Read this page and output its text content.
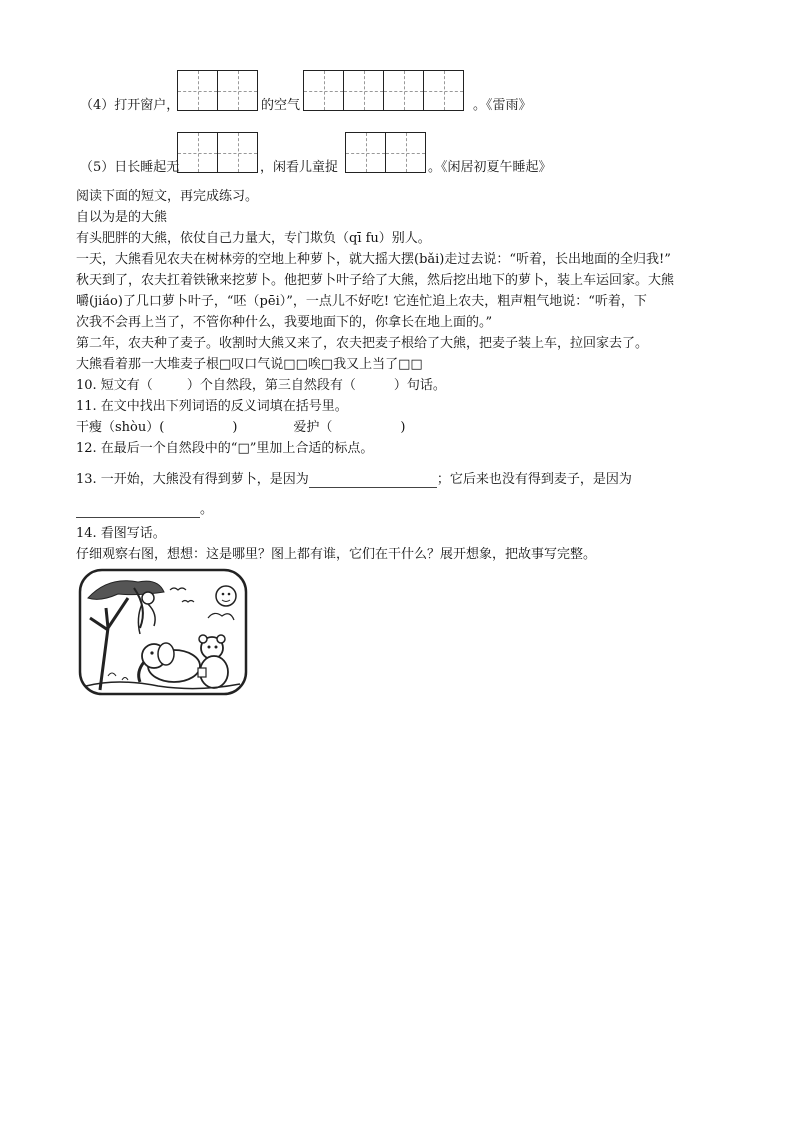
（4）打开窗户，	的空气	。《雷雨》
（5）日长睡起无	，闲看儿童捉	。《闲居初夏午睡起》
阅读下面的短文，再完成练习。
自以为是的大熊
有头肥胖的大熊，依仗自己力量大，专门欺负（qī fu）别人。
一天，大熊看见农夫在树林旁的空地上种萝卜，就大摇大摆(bǎi)走过去说：“听着，长出地面的全归我!”
秋天到了，农夫扛着铁锹来挖萝卜。他把萝卜叶子给了大熊，然后挖出地下的萝卜，装上车运回家。大熊
嚼(jiáo)了几口萝卜叶子，“呸（pēi）”，一点儿不好吃! 它连忙追上农夫，粗声粗气地说：“听着，下
次我不会再上当了，不管你种什么，我要地面下的，你拿长在地上面的。”
第二年，农夫种了麦子。收割时大熊又来了，农夫把麦子根给了大熊，把麦子装上车，拉回家去了。
大熊看着那一大堆麦子根□叹口气说□□唉□我又上当了□□
10. 短文有（	）个自然段，第三自然段有（	）句话。
11. 在文中找出下列词语的反义词填在括号里。
干瘦（shòu）(	)	爱护（	)
12. 在最后一个自然段中的“□”里加上合适的标点。
13. 一开始，大熊没有得到萝卜，是因为	；它后来也没有得到麦子，是因为
。
14. 看图写话。
仔细观察右图，想想：这是哪里？图上都有谁，它们在干什么？展开想象，把故事写完整。
